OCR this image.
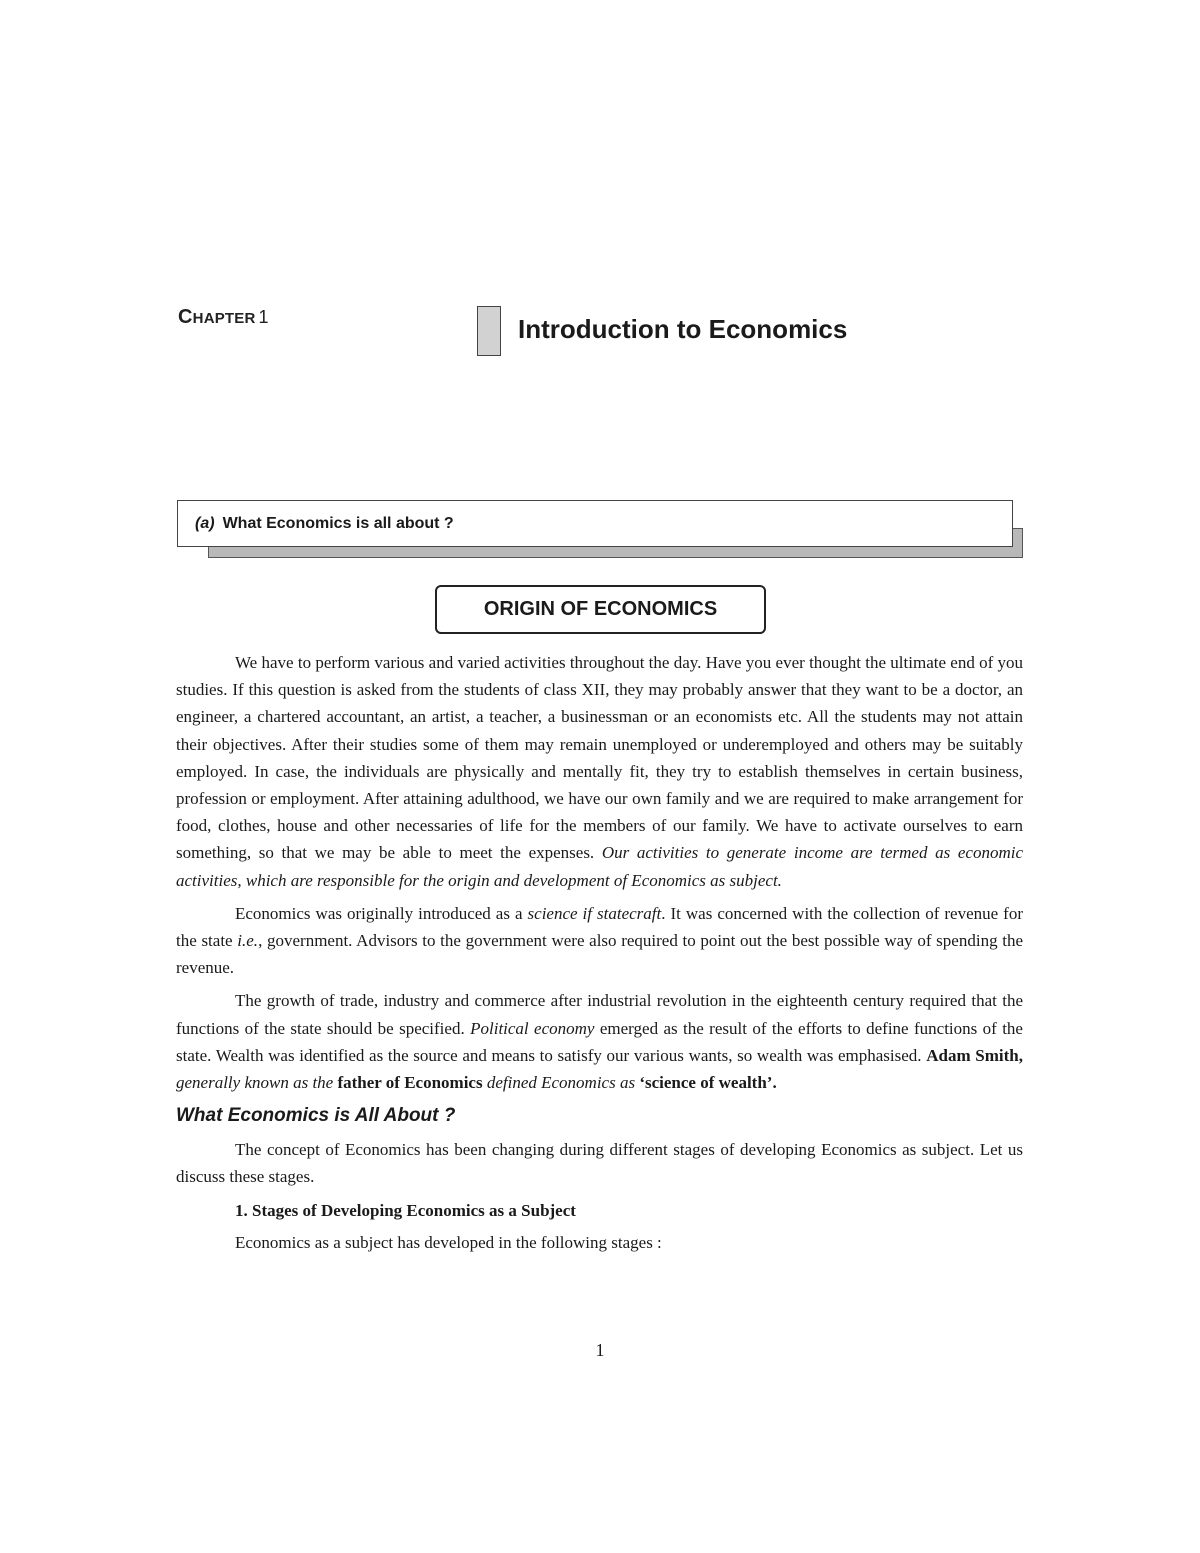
CHAPTER 1	Introduction to Economics
(a) What Economics is all about ?
ORIGIN OF ECONOMICS

We have to perform various and varied activities throughout the day. Have you ever thought the ultimate end of you studies. If this question is asked from the students of class XII, they may probably answer that they want to be a doctor, an engineer, a chartered accountant, an artist, a teacher, a businessman or an economists etc. All the students may not attain their objectives. After their studies some of them may remain unemployed or underemployed and others may be suitably employed. In case, the individuals are physically and mentally fit, they try to establish themselves in certain business, profession or employment. After attaining adulthood, we have our own family and we are required to make arrangement for food, clothes, house and other necessaries of life for the members of our family. We have to activate ourselves to earn something, so that we may be able to meet the expenses. Our activities to generate income are termed as economic activities, which are responsible for the origin and development of Economics as subject.

Economics was originally introduced as a science if statecraft. It was concerned with the collection of revenue for the state i.e., government. Advisors to the government were also required to point out the best possible way of spending the revenue.

The growth of trade, industry and commerce after industrial revolution in the eighteenth century required that the functions of the state should be specified. Political economy emerged as the result of the efforts to define functions of the state. Wealth was identified as the source and means to satisfy our various wants, so wealth was emphasised. Adam Smith, generally known as the father of Economics defined Economics as ‘science of wealth’.

What Economics is All About ?

The concept of Economics has been changing during different stages of developing Economics as subject. Let us discuss these stages.

1. Stages of Developing Economics as a Subject

Economics as a subject has developed in the following stages :

1
